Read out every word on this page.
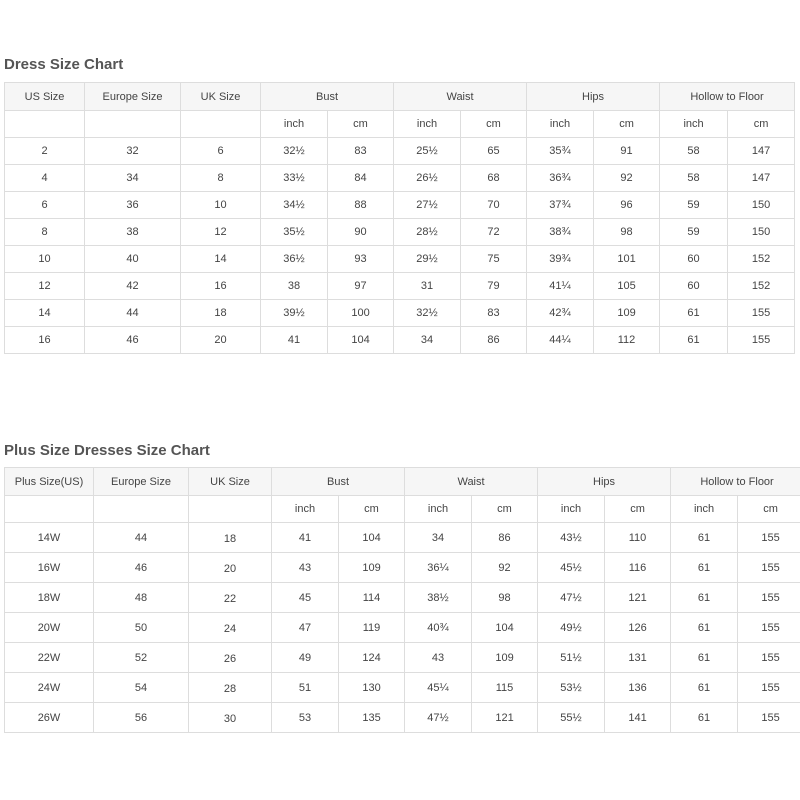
Dress Size Chart
US Size	Europe Size	UK Size	Bust		Waist		Hips		Hollow to Floor	
			inch	cm	inch	cm	inch	cm	inch	cm
2	32	6	32½	83	25½	65	35¾	91	58	147
4	34	8	33½	84	26½	68	36¾	92	58	147
6	36	10	34½	88	27½	70	37¾	96	59	150
8	38	12	35½	90	28½	72	38¾	98	59	150
10	40	14	36½	93	29½	75	39¾	101	60	152
12	42	16	38	97	31	79	41¼	105	60	152
14	44	18	39½	100	32½	83	42¾	109	61	155
16	46	20	41	104	34	86	44¼	112	61	155
Plus Size Dresses Size Chart
Plus Size(US)	Europe Size	UK Size	Bust		Waist		Hips		Hollow to Floor	
			inch	cm	inch	cm	inch	cm	inch	cm
14W	44	18	41	104	34	86	43½	110	61	155
16W	46	20	43	109	36¼	92	45½	116	61	155
18W	48	22	45	114	38½	98	47½	121	61	155
20W	50	24	47	119	40¾	104	49½	126	61	155
22W	52	26	49	124	43	109	51½	131	61	155
24W	54	28	51	130	45¼	115	53½	136	61	155
26W	56	30	53	135	47½	121	55½	141	61	155
